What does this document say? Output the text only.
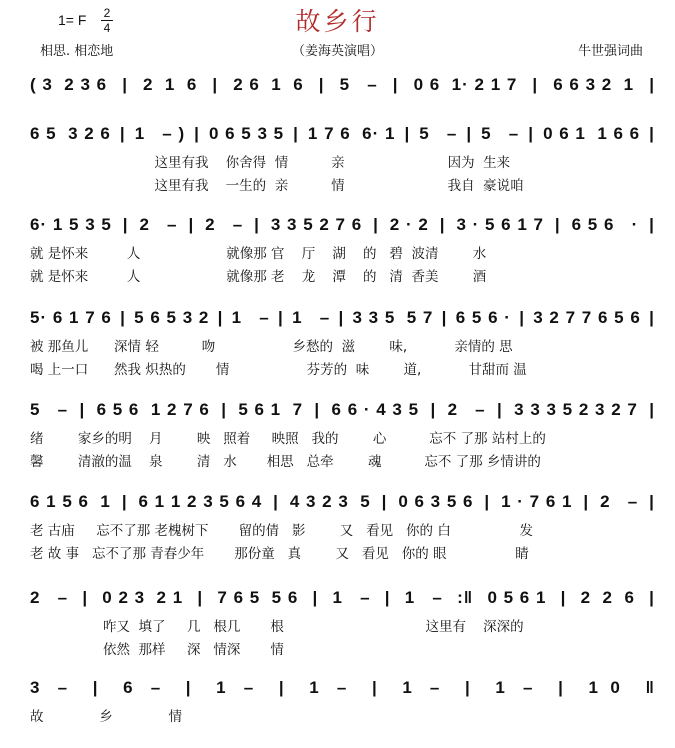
故乡行
1= F 2
4
相思. 相恋地	（姜海英演唱）	牛世强词曲
( 3  2 3 6 | 2  1  6 | 2 6  1  6 | 5   – | 0 6  1· 2 1 7 | 6 6 3 2  1 |
6 5  3 2 6 | 1   – ) | 0 6 5 3 5 | 1 7 6  6· 1 | 5   – | 5   – | 0 6 1  1 6 6 |
这里有我    你舍得  情          亲                        因为  生来
这里有我    一生的  亲          情                        我自  豪说咱
6· 1 5 3 5 | 2   – | 2   – | 3 3 5 2 7 6 | 2 · 2 | 3 · 5 6 1 7 | 6 5 6   · |
就 是怀来         人                    就像那 官    厅    湖    的   碧  波清        水
就 是怀来         人                    就像那 老    龙    潭    的   清  香美        酒
5· 6 1 7 6 | 5 6 5 3 2 | 1   – | 1   – | 3 3 5  5 7 | 6 5 6 · | 3 2 7 7 6 5 6 |
被 那鱼儿      深情 轻          吻                  乡愁的  滋        味,           亲情的 思
喝 上一口      然我 炽热的       情                  芬芳的  味        道,           甘甜而 温
5   – | 6 5 6  1 2 7 6 | 5 6 1  7 | 6 6 · 4 3 5 | 2   – | 3 3 3 5 2 3 2 7 |
绪        家乡的明    月        映   照着     映照   我的        心          忘不 了那 站村上的
馨        清澈的温    泉        清   水       相思   总牵        魂          忘不 了那 乡情讲的
6 1 5 6  1 | 6 1 1 2 3 5 6 4 | 4 3 2 3  5 | 0 6 3 5 6 | 1 · 7 6 1 | 2   – |
老 古庙     忘不了那 老槐树下       留的倩   影        又   看见   你的 白                发
老 故 事   忘不了那 青春少年       那份童   真        又   看见   你的 眼                睛
2   – | 0 2 3  2 1 | 7 6 5  5 6 | 1   – | 1   – :‖ 0 5 6 1 | 2  2  6 |
咋又  填了     几   根几       根                                 这里有    深深的
依然  那样     深   情深       情
3   – | 6   – | 1   – | 1   – | 1   – | 1   – | 1  0 ‖
故             乡             情
